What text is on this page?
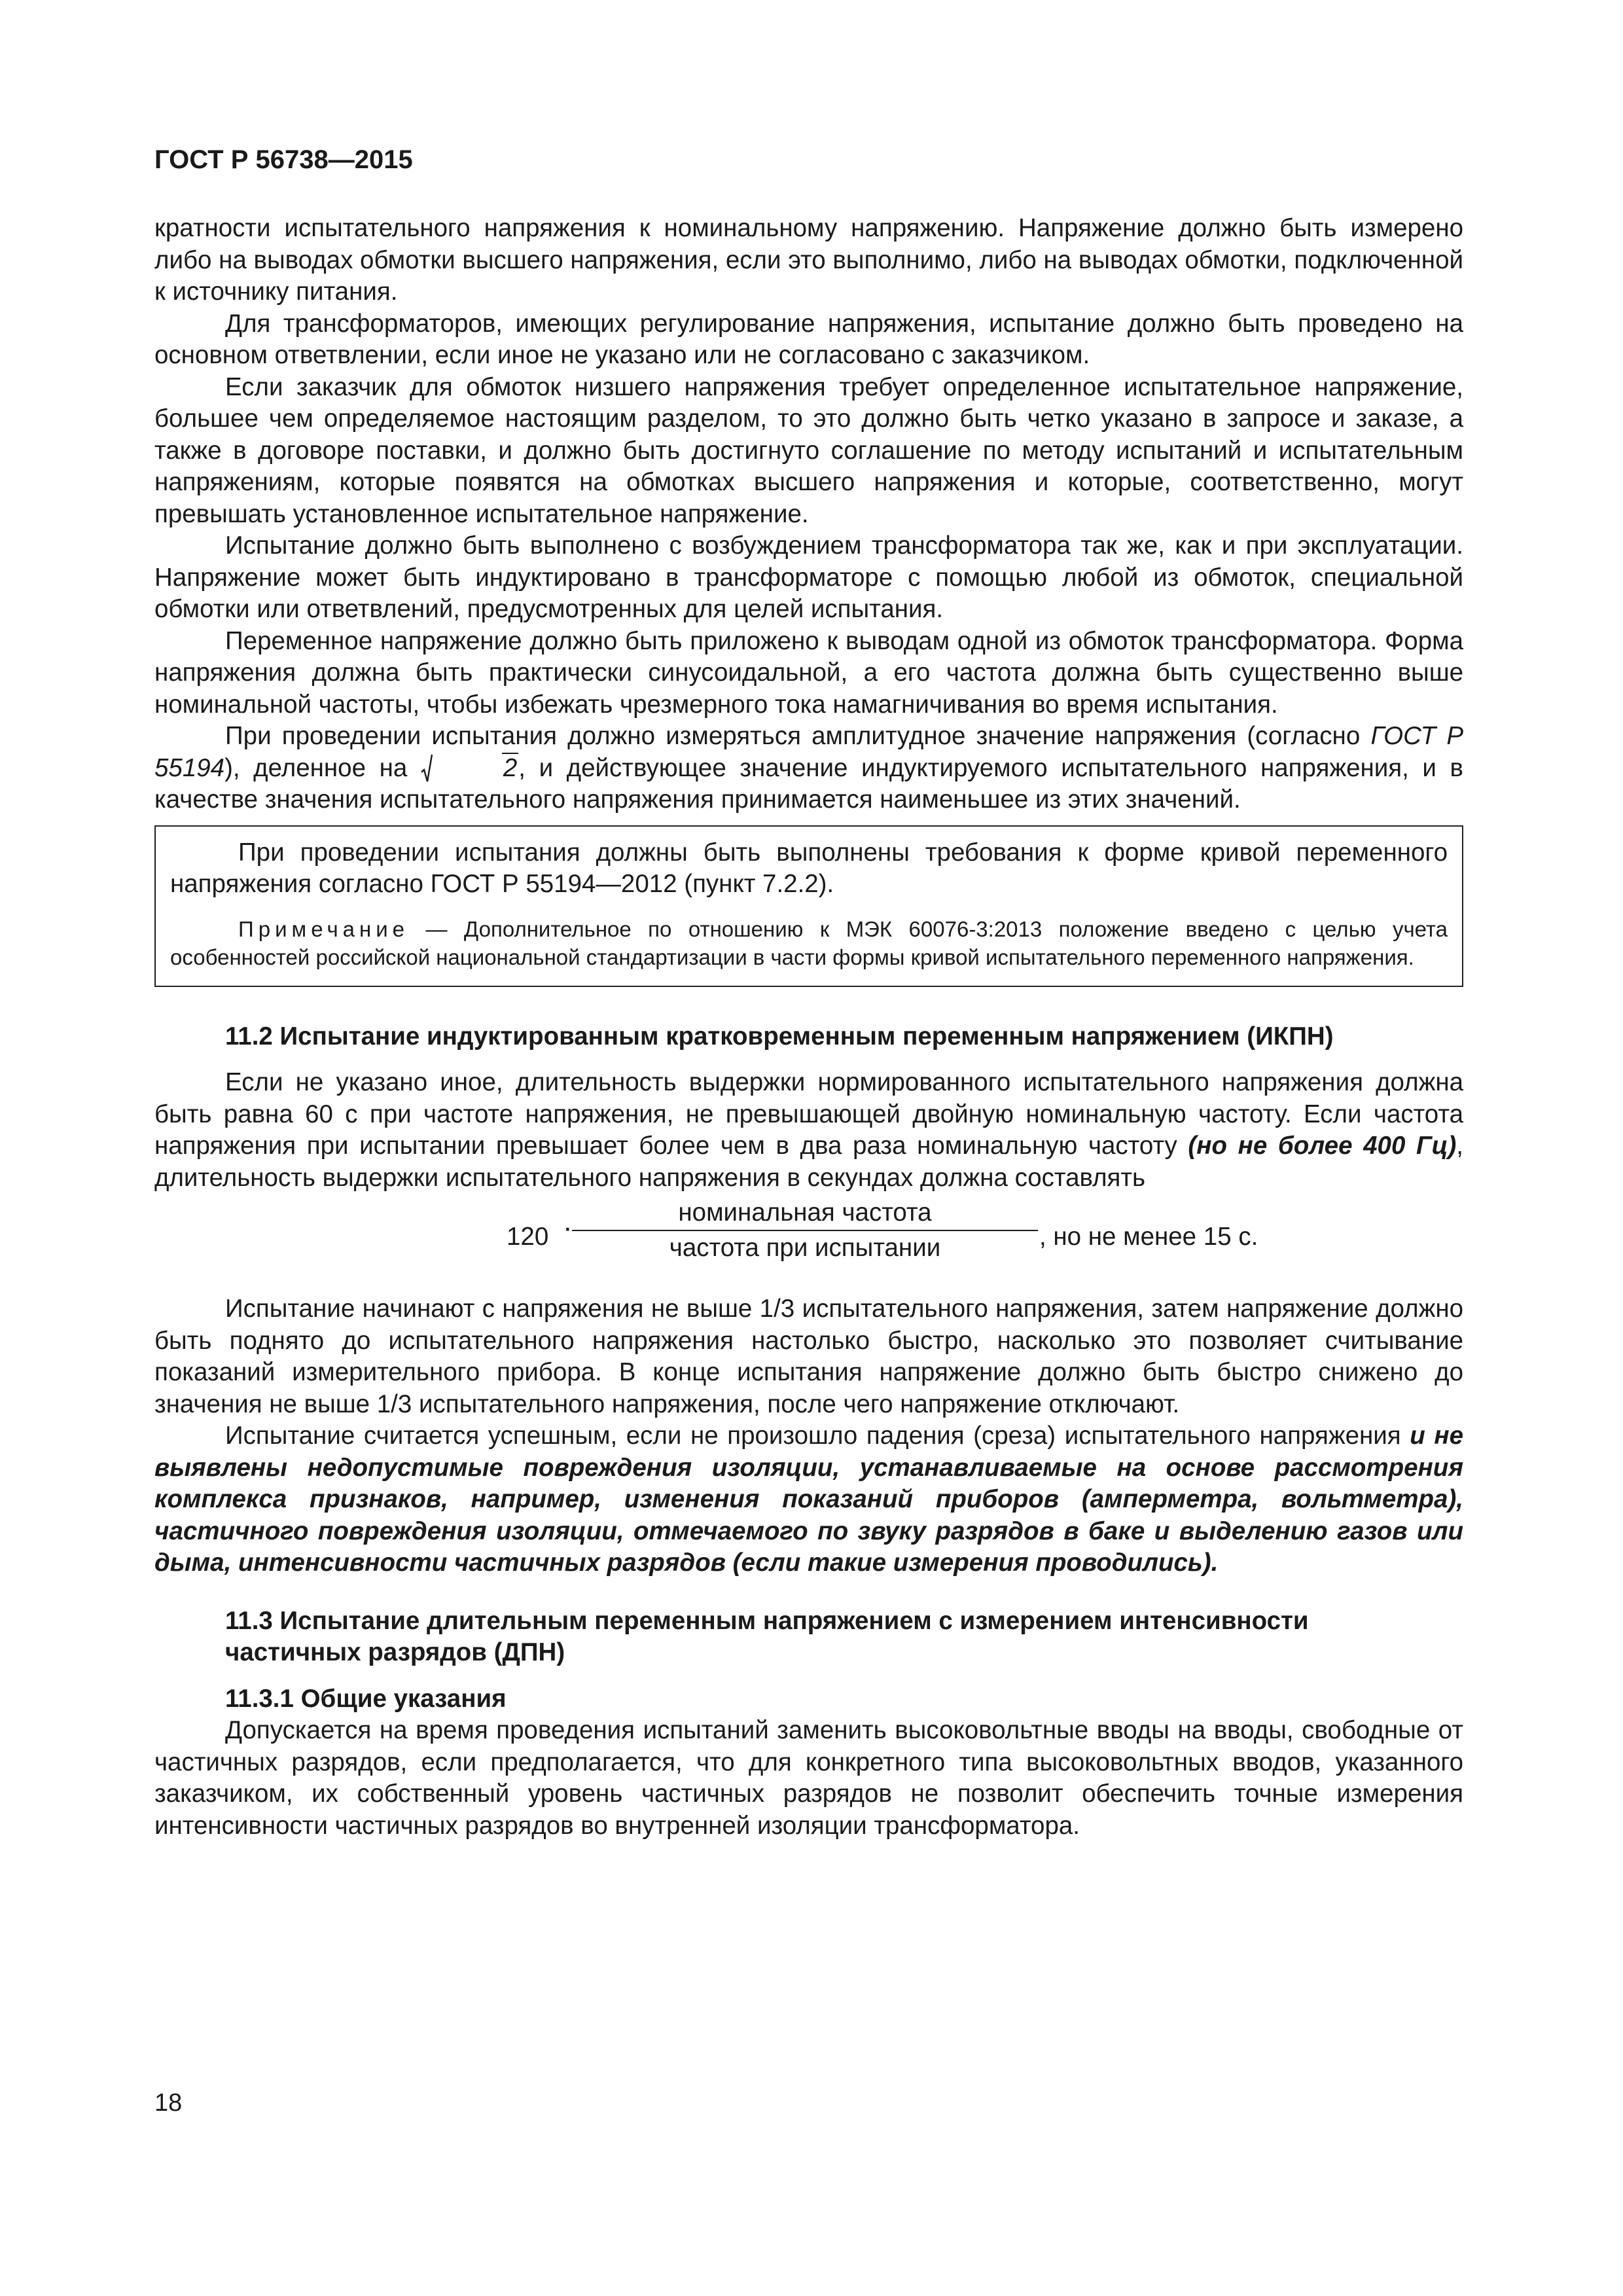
ГОСТ Р 56738—2015

кратности испытательного напряжения к номинальному напряжению. Напряжение должно быть измерено либо на выводах обмотки высшего напряжения, если это выполнимо, либо на выводах обмотки, подключенной к источнику питания.

Для трансформаторов, имеющих регулирование напряжения, испытание должно быть проведено на основном ответвлении, если иное не указано или не согласовано с заказчиком.

Если заказчик для обмоток низшего напряжения требует определенное испытательное напряжение, большее чем определяемое настоящим разделом, то это должно быть четко указано в запросе и заказе, а также в договоре поставки, и должно быть достигнуто соглашение по методу испытаний и испытательным напряжениям, которые появятся на обмотках высшего напряжения и которые, соответственно, могут превышать установленное испытательное напряжение.

Испытание должно быть выполнено с возбуждением трансформатора так же, как и при эксплуатации. Напряжение может быть индуктировано в трансформаторе с помощью любой из обмоток, специальной обмотки или ответвлений, предусмотренных для целей испытания.

Переменное напряжение должно быть приложено к выводам одной из обмоток трансформатора. Форма напряжения должна быть практически синусоидальной, а его частота должна быть существенно выше номинальной частоты, чтобы избежать чрезмерного тока намагничивания во время испытания.

При проведении испытания должно измеряться амплитудное значение напряжения (согласно ГОСТ Р 55194), деленное на	2, и действующее значение индуктируемого испытательного напряжения, и в качестве значения испытательного напряжения принимается наименьшее из этих значений.

При проведении испытания должны быть выполнены требования к форме кривой переменного напряжения согласно ГОСТ Р 55194—2012 (пункт 7.2.2).

Примечание — Дополнительное по отношению к МЭК 60076-3:2013 положение введено с целью учета особенностей российской национальной стандартизации в части формы кривой испытательного переменного напряжения.

11.2 Испытание индуктированным кратковременным переменным напряжением (ИКПН)

Если не указано иное, длительность выдержки нормированного испытательного напряжения должна быть равна 60 с при частоте напряжения, не превышающей двойную номинальную частоту. Если частота напряжения при испытании превышает более чем в два раза номинальную частоту (но не более 400 Гц), длительность выдержки испытательного напряжения в секундах должна составлять

120 ·	номинальная частота
частота при испытании	, но не менее 15 с.

Испытание начинают с напряжения не выше 1/3 испытательного напряжения, затем напряжение должно быть поднято до испытательного напряжения настолько быстро, насколько это позволяет считывание показаний измерительного прибора. В конце испытания напряжение должно быть быстро снижено до значения не выше 1/3 испытательного напряжения, после чего напряжение отключают.

Испытание считается успешным, если не произошло падения (среза) испытательного напряжения и не выявлены недопустимые повреждения изоляции, устанавливаемые на основе рассмотрения комплекса признаков, например, изменения показаний приборов (амперметра, вольтметра), частичного повреждения изоляции, отмечаемого по звуку разрядов в баке и выделению газов или дыма, интенсивности частичных разрядов (если такие измерения проводились).

11.3 Испытание длительным переменным напряжением с измерением интенсивности
частичных разрядов (ДПН)

11.3.1 Общие указания

Допускается на время проведения испытаний заменить высоковольтные вводы на вводы, свободные от частичных разрядов, если предполагается, что для конкретного типа высоковольтных вводов, указанного заказчиком, их собственный уровень частичных разрядов не позволит обеспечить точные измерения интенсивности частичных разрядов во внутренней изоляции трансформатора.

18
